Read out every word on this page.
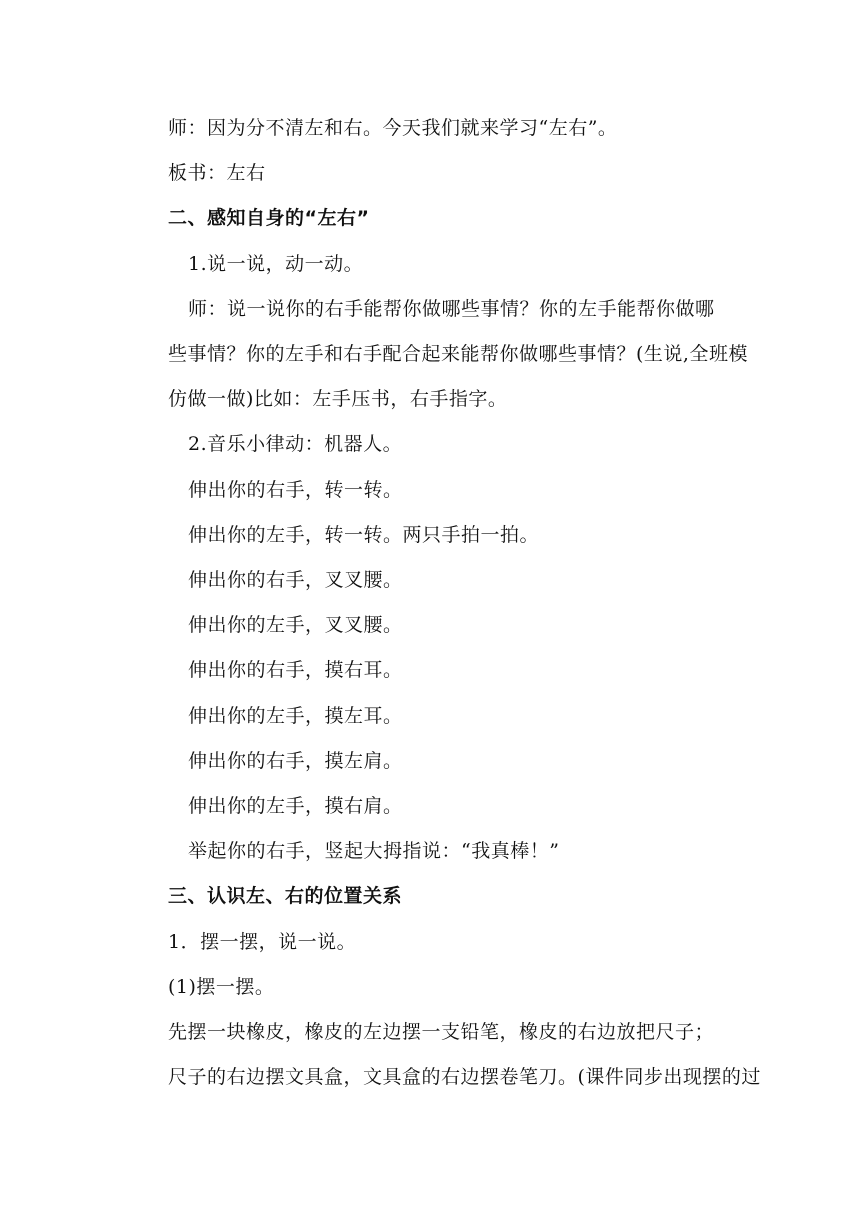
师：因为分不清左和右。今天我们就来学习“左右”。
板书：左右
二、感知自身的“左右”
1.说一说，动一动。
师：说一说你的右手能帮你做哪些事情？你的左手能帮你做哪
些事情？你的左手和右手配合起来能帮你做哪些事情？(生说,全班模
仿做一做)比如：左手压书，右手指字。
2.音乐小律动：机器人。
伸出你的右手，转一转。
伸出你的左手，转一转。两只手拍一拍。
伸出你的右手，叉叉腰。
伸出你的左手，叉叉腰。
伸出你的右手，摸右耳。
伸出你的左手，摸左耳。
伸出你的右手，摸左肩。
伸出你的左手，摸右肩。
举起你的右手，竖起大拇指说：“我真棒！”
三、认识左、右的位置关系
1．摆一摆，说一说。
(1)摆一摆。
先摆一块橡皮，橡皮的左边摆一支铅笔，橡皮的右边放把尺子；
尺子的右边摆文具盒，文具盒的右边摆卷笔刀。(课件同步出现摆的过
